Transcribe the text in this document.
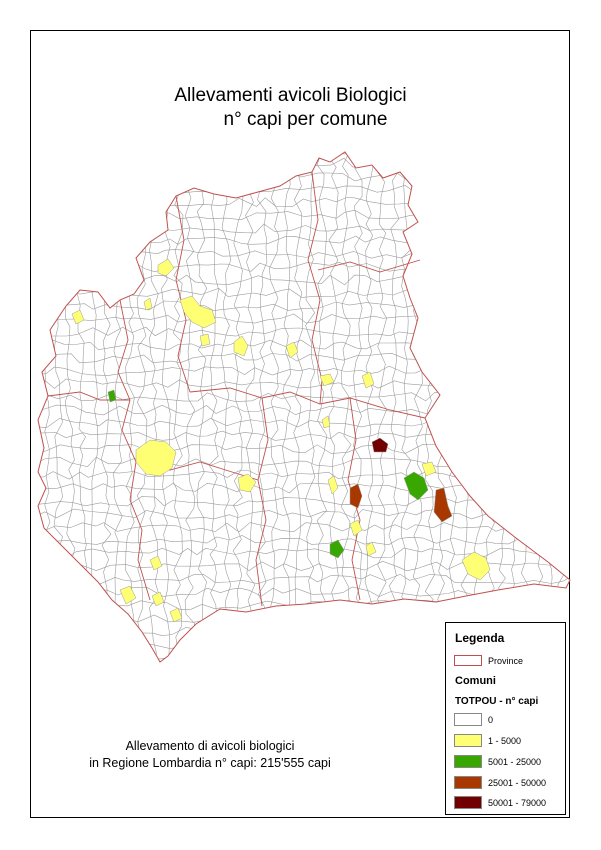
Allevamenti avicoli Biologici
n° capi per comune
Allevamento di avicoli biologici
in Regione Lombardia n° capi: 215'555 capi
Legenda
Province
Comuni
TOTPOU - n° capi
0
1 - 5000
5001 - 25000
25001 - 50000
50001 - 79000
